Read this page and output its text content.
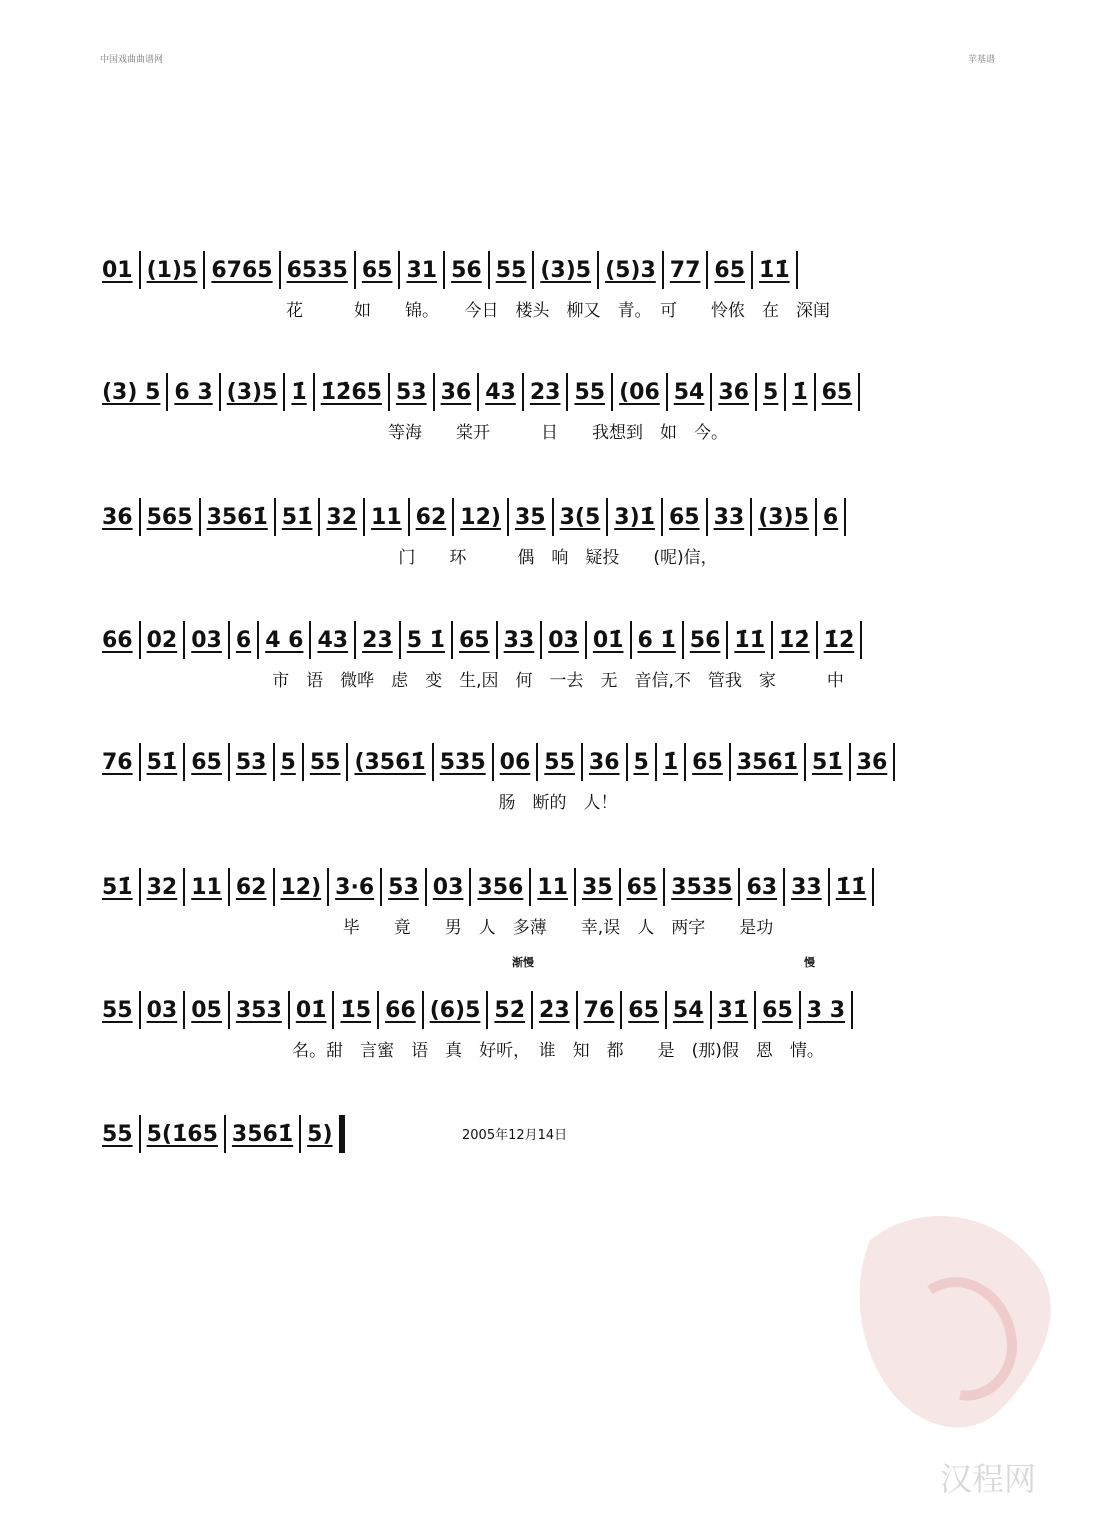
中国戏曲曲谱网	苹基谱
01 (1)5 6765 6535 65 31 56 55 (3)5 (5)3 77 65 1̇1̇
花　　　如　　锦。　　今日　楼头　柳又　青。　可　　怜侬　在　深闺
(3) 5 6 3 (3)5 1̇ 1̇2̇65 53 36 43 23 55 (06 54 36 5 1̇ 65
等海　　棠开　　　日　　我想到　如　今。
36 565 3561̇ 51̇ 32 11 62 12) 35 3(5 3)1̇ 65 33 (3)5 6
门　　环　　　偶　响　疑投　　(呢)信，
66 02 03 6 4 6 43 23 5 1̇ 65 33 03 01̇ 6 1̇ 56 1̇1̇ 1̇2̇ 1̇2̇
市　语　微哗　虑　变　生,因　何　一去　无　音信,不　管我　家　　　中
76 51̇ 65 53 5 55 (3561̇ 535 06 55 36 5 1̇ 65 3561̇ 51̇ 36
肠　断的　人！
51̇ 32 11 62 12) 3·6 53 03 356 11 35 65 3535 63 33 1̇1̇
毕　　竟　　男　人　多薄　　幸,误　人　两字　　是功
55 03 05 353 01̇ 1̇5 66 (6)5 52̇ 2̇3 76 65 54 31̇ 65 3 3
名。甜　言蜜　语　真　好听，　谁　知　都　　是　(那)假　恩　情。
55 5(1̇65 3561̇ 5)
渐慢	慢
2005年12月14日
汉程网
